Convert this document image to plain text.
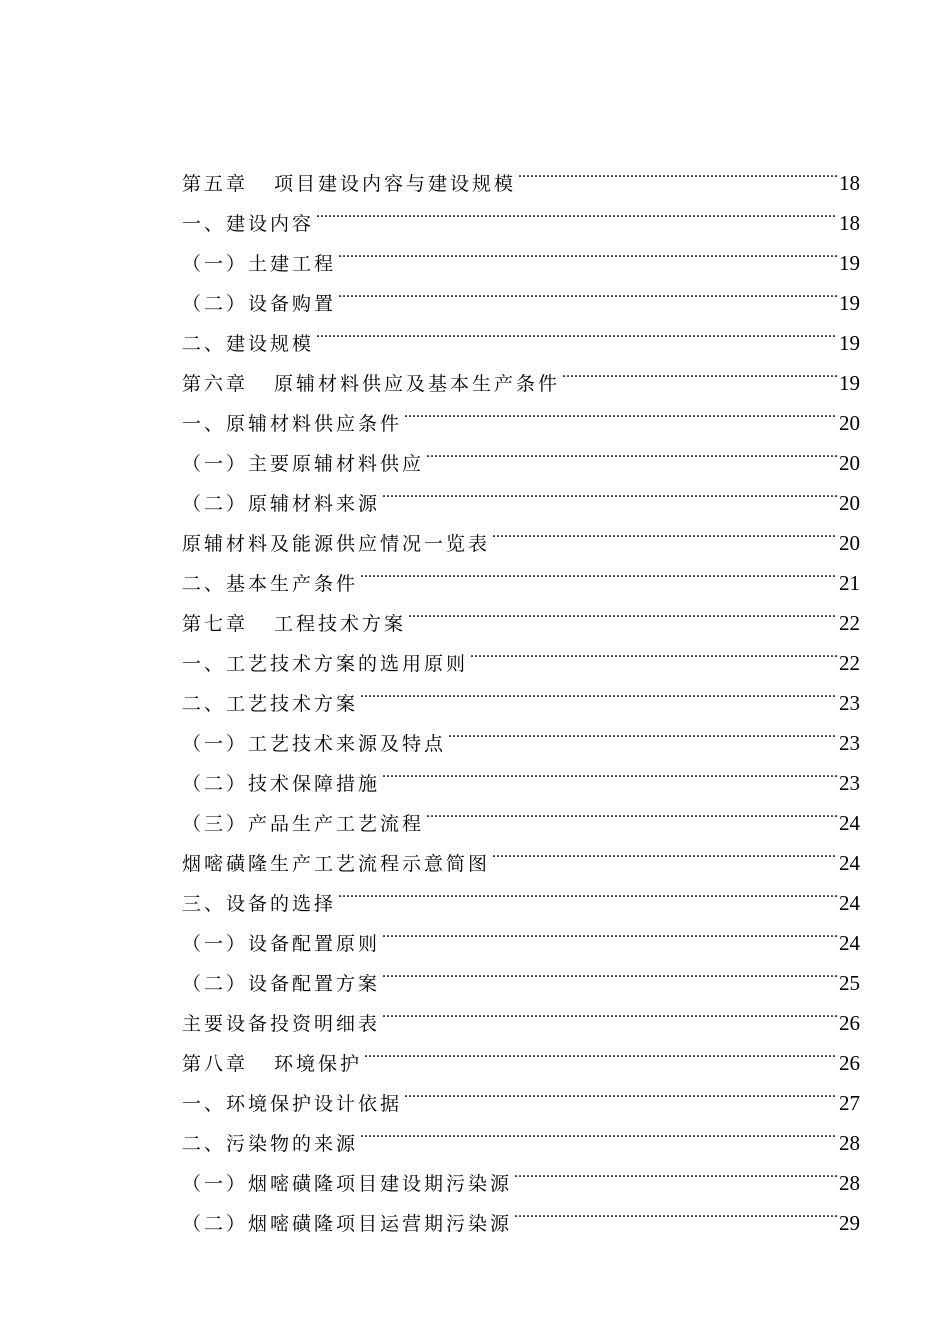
第五章 项目建设内容与建设规模 .....	18
一、建设内容 .....	18
（一）土建工程 .....	19
（二）设备购置 .....	19
二、建设规模 .....	19
第六章 原辅材料供应及基本生产条件 .....	19
一、原辅材料供应条件 .....	20
（一）主要原辅材料供应 .....	20
（二）原辅材料来源 .....	20
原辅材料及能源供应情况一览表 .....	20
二、基本生产条件 .....	21
第七章 工程技术方案 .....	22
一、工艺技术方案的选用原则 .....	22
二、工艺技术方案 .....	23
（一）工艺技术来源及特点 .....	23
（二）技术保障措施 .....	23
（三）产品生产工艺流程 .....	24
烟嘧磺隆生产工艺流程示意简图 .....	24
三、设备的选择 .....	24
（一）设备配置原则 .....	24
（二）设备配置方案 .....	25
主要设备投资明细表 .....	26
第八章 环境保护 .....	26
一、环境保护设计依据 .....	27
二、污染物的来源 .....	28
（一）烟嘧磺隆项目建设期污染源 .....	28
（二）烟嘧磺隆项目运营期污染源 .....	29
